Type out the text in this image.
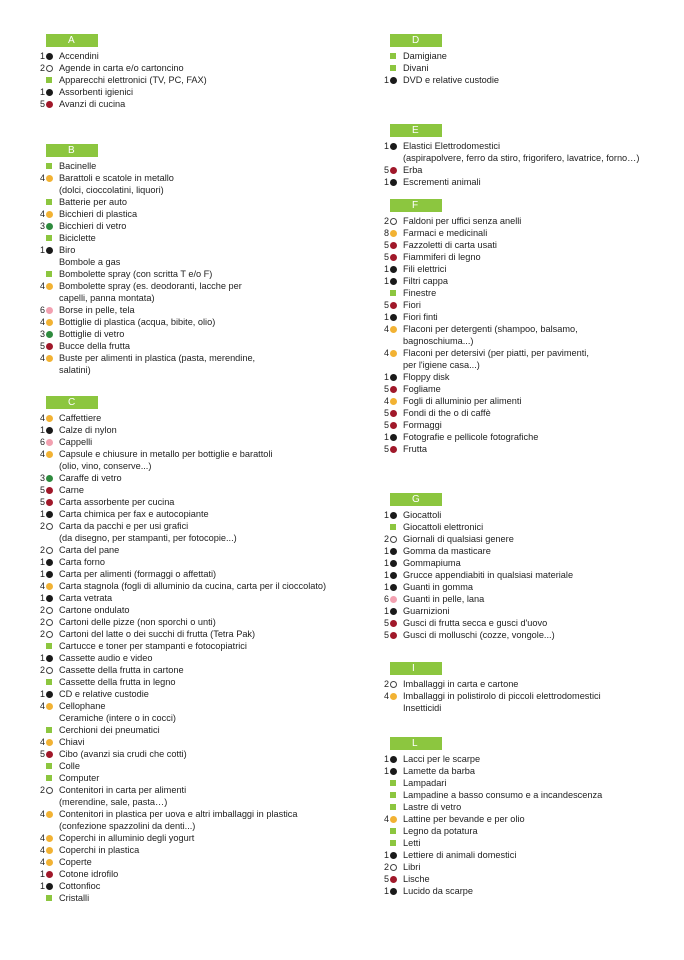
A
1 Accendini
2 Agende in carta e/o cartoncino
Apparecchi elettronici (TV, PC, FAX)
1 Assorbenti igienici
5 Avanzi di cucina
B
Bacinelle
4 Barattoli e scatole in metallo
(dolci, cioccolatini, liquori)
Batterie per auto
4 Bicchieri di plastica
3 Bicchieri di vetro
Biciclette
1 Biro
Bombole a gas
Bombolette spray (con scritta T e/o F)
4 Bombolette spray (es. deodoranti, lacche per
capelli, panna montata)
6 Borse in pelle, tela
4 Bottiglie di plastica (acqua, bibite, olio)
3 Bottiglie di vetro
5 Bucce della frutta
4 Buste per alimenti in plastica (pasta, merendine,
salatini)
C
4 Caffettiere
1 Calze di nylon
6 Cappelli
4 Capsule e chiusure in metallo per bottiglie e barattoli
(olio, vino, conserve...)
3 Caraffe di vetro
5 Carne
5 Carta assorbente per cucina
1 Carta chimica per fax e autocopiante
2 Carta da pacchi e per usi grafici
(da disegno, per stampanti, per fotocopie...)
2 Carta del pane
1 Carta forno
1 Carta per alimenti (formaggi o affettati)
4 Carta stagnola (fogli di alluminio da cucina, carta per il cioccolato)
1 Carta vetrata
2 Cartone ondulato
2 Cartoni delle pizze (non sporchi o unti)
2 Cartoni del latte o dei succhi di frutta (Tetra Pak)
Cartucce e toner per stampanti e fotocopiatrici
1 Cassette audio e video
2 Cassette della frutta in cartone
Cassette della frutta in legno
1 CD e relative custodie
4 Cellophane
Ceramiche (intere o in cocci)
Cerchioni dei pneumatici
4 Chiavi
5 Cibo (avanzi sia crudi che cotti)
Colle
Computer
2 Contenitori in carta per alimenti
(merendine, sale, pasta…)
4 Contenitori in plastica per uova e altri imballaggi in plastica
(confezione spazzolini da denti...)
4 Coperchi in alluminio degli yogurt
4 Coperchi in plastica
4 Coperte
1 Cotone idrofilo
1 Cottonfioc
Cristalli
D
Damigiane
Divani
1 DVD e relative custodie
E
1 Elastici Elettrodomestici
(aspirapolvere, ferro da stiro, frigorifero, lavatrice, forno…)
5 Erba
1 Escrementi animali
F
2 Faldoni per uffici senza anelli
8 Farmaci e medicinali
5 Fazzoletti di carta usati
5 Fiammiferi di legno
1 Fili elettrici
1 Filtri cappa
Finestre
5 Fiori
1 Fiori finti
4 Flaconi per detergenti (shampoo, balsamo,
bagnoschiuma...)
4 Flaconi per detersivi (per piatti, per pavimenti,
per l'igiene casa...)
1 Floppy disk
5 Fogliame
4 Fogli di alluminio per alimenti
5 Fondi di the o di caffè
5 Formaggi
1 Fotografie e pellicole fotografiche
5 Frutta
G
1 Giocattoli
Giocattoli elettronici
2 Giornali di qualsiasi genere
1 Gomma da masticare
1 Gommapiuma
1 Grucce appendiabiti in qualsiasi materiale
1 Guanti in gomma
6 Guanti in pelle, lana
1 Guarnizioni
5 Gusci di frutta secca e gusci d'uovo
5 Gusci di molluschi (cozze, vongole...)
I
2 Imballaggi in carta e cartone
4 Imballaggi in polistirolo di piccoli elettrodomestici
Insetticidi
L
1 Lacci per le scarpe
1 Lamette da barba
Lampadari
Lampadine a basso consumo e a incandescenza
Lastre di vetro
4 Lattine per bevande e per olio
Legno da potatura
Letti
1 Lettiere di animali domestici
2 Libri
5 Lische
1 Lucido da scarpe
